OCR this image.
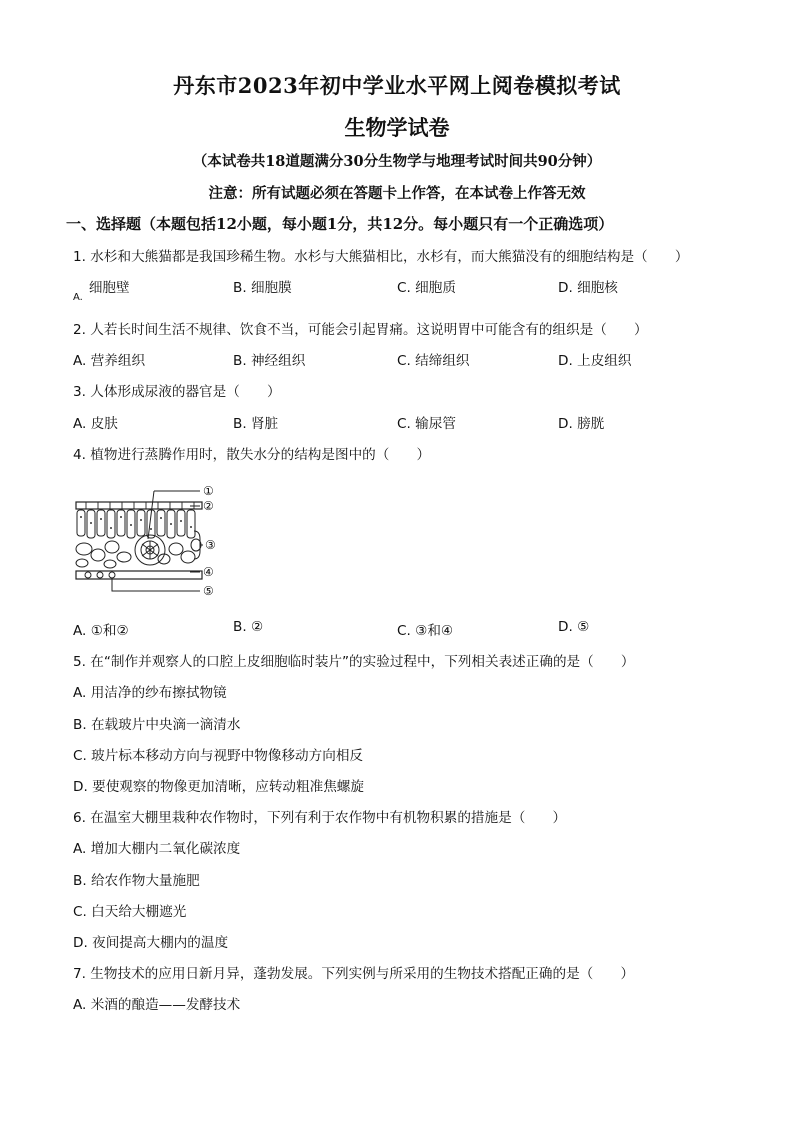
丹东市2023年初中学业水平网上阅卷模拟考试
生物学试卷
（本试卷共18道题满分30分生物学与地理考试时间共90分钟）
注意：所有试题必须在答题卡上作答，在本试卷上作答无效
一、选择题（本题包括12小题，每小题1分，共12分。每小题只有一个正确选项）
1. 水杉和大熊猫都是我国珍稀生物。水杉与大熊猫相比，水杉有，而大熊猫没有的细胞结构是（　　）
$_{A.}$细胞壁	B. 细胞膜	C. 细胞质	D. 细胞核
2. 人若长时间生活不规律、饮食不当，可能会引起胃痛。这说明胃中可能含有的组织是（　　）
A. 营养组织	B. 神经组织	C. 结缔组织	D. 上皮组织
3. 人体形成尿液的器官是（　　）
A. 皮肤	B. 肾脏	C. 输尿管	D. 膀胱
4. 植物进行蒸腾作用时，散失水分的结构是图中的（　　）
①
②
③
④
⑤
A. ①和②	B. ②	C. ③和④	D. ⑤
5. 在“制作并观察人的口腔上皮细胞临时装片”的实验过程中，下列相关表述正确的是（　　）
A. 用洁净的纱布擦拭物镜
B. 在载玻片中央滴一滴清水
C. 玻片标本移动方向与视野中物像移动方向相反
D. 要使观察的物像更加清晰，应转动粗准焦螺旋
6. 在温室大棚里栽种农作物时，下列有利于农作物中有机物积累的措施是（　　）
A. 增加大棚内二氧化碳浓度
B. 给农作物大量施肥
C. 白天给大棚遮光
D. 夜间提高大棚内的温度
7. 生物技术的应用日新月异，蓬勃发展。下列实例与所采用的生物技术搭配正确的是（　　）
A. 米酒的酿造——发酵技术
